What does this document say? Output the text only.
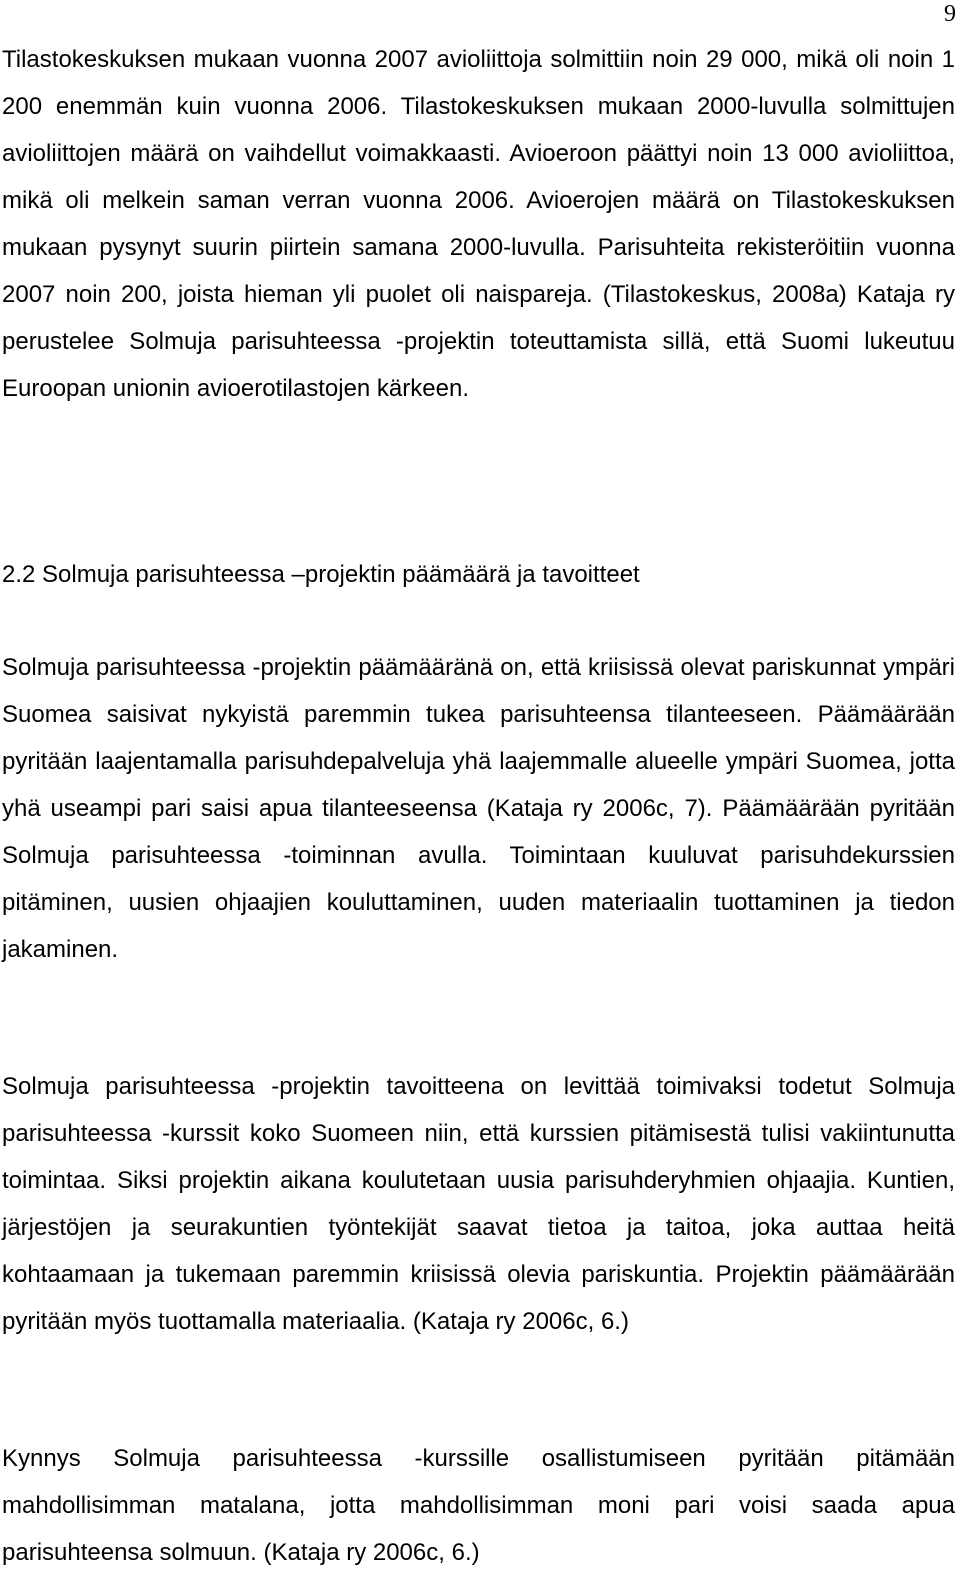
9

Tilastokeskuksen mukaan vuonna 2007 avioliittoja solmittiin noin 29 000, mikä oli noin 1 200 enemmän kuin vuonna 2006. Tilastokeskuksen mukaan 2000-luvulla solmittujen avioliittojen määrä on vaihdellut voimakkaasti. Avioeroon päättyi noin 13 000 avioliittoa, mikä oli melkein saman verran vuonna 2006. Avioerojen määrä on Tilastokeskuksen mukaan pysynyt suurin piirtein samana 2000-luvulla. Parisuhteita rekisteröitiin vuonna 2007 noin 200, joista hieman yli puolet oli naispareja. (Tilastokeskus, 2008a) Kataja ry perustelee Solmuja parisuhteessa -projektin toteuttamista sillä, että Suomi lukeutuu Euroopan unionin avioerotilastojen kärkeen.

2.2 Solmuja parisuhteessa –projektin päämäärä ja tavoitteet

Solmuja parisuhteessa -projektin päämääränä on, että kriisissä olevat pariskunnat ympäri Suomea saisivat nykyistä paremmin tukea parisuhteensa tilanteeseen. Päämäärään pyritään laajentamalla parisuhdepalveluja yhä laajemmalle alueelle ympäri Suomea, jotta yhä useampi pari saisi apua tilanteeseensa (Kataja ry 2006c, 7). Päämäärään pyritään Solmuja parisuhteessa -toiminnan avulla. Toimintaan kuuluvat parisuhdekurssien pitäminen, uusien ohjaajien kouluttaminen, uuden materiaalin tuottaminen ja tiedon jakaminen.

Solmuja parisuhteessa -projektin tavoitteena on levittää toimivaksi todetut Solmuja parisuhteessa -kurssit koko Suomeen niin, että kurssien pitämisestä tulisi vakiintunutta toimintaa. Siksi projektin aikana koulutetaan uusia parisuhderyhmien ohjaajia. Kuntien, järjestöjen ja seurakuntien työntekijät saavat tietoa ja taitoa, joka auttaa heitä kohtaamaan ja tukemaan paremmin kriisissä olevia pariskuntia. Projektin päämäärään pyritään myös tuottamalla materiaalia. (Kataja ry 2006c, 6.)

Kynnys Solmuja parisuhteessa -kurssille osallistumiseen pyritään pitämään mahdollisimman matalana, jotta mahdollisimman moni pari voisi saada apua parisuhteensa solmuun. (Kataja ry 2006c, 6.)
